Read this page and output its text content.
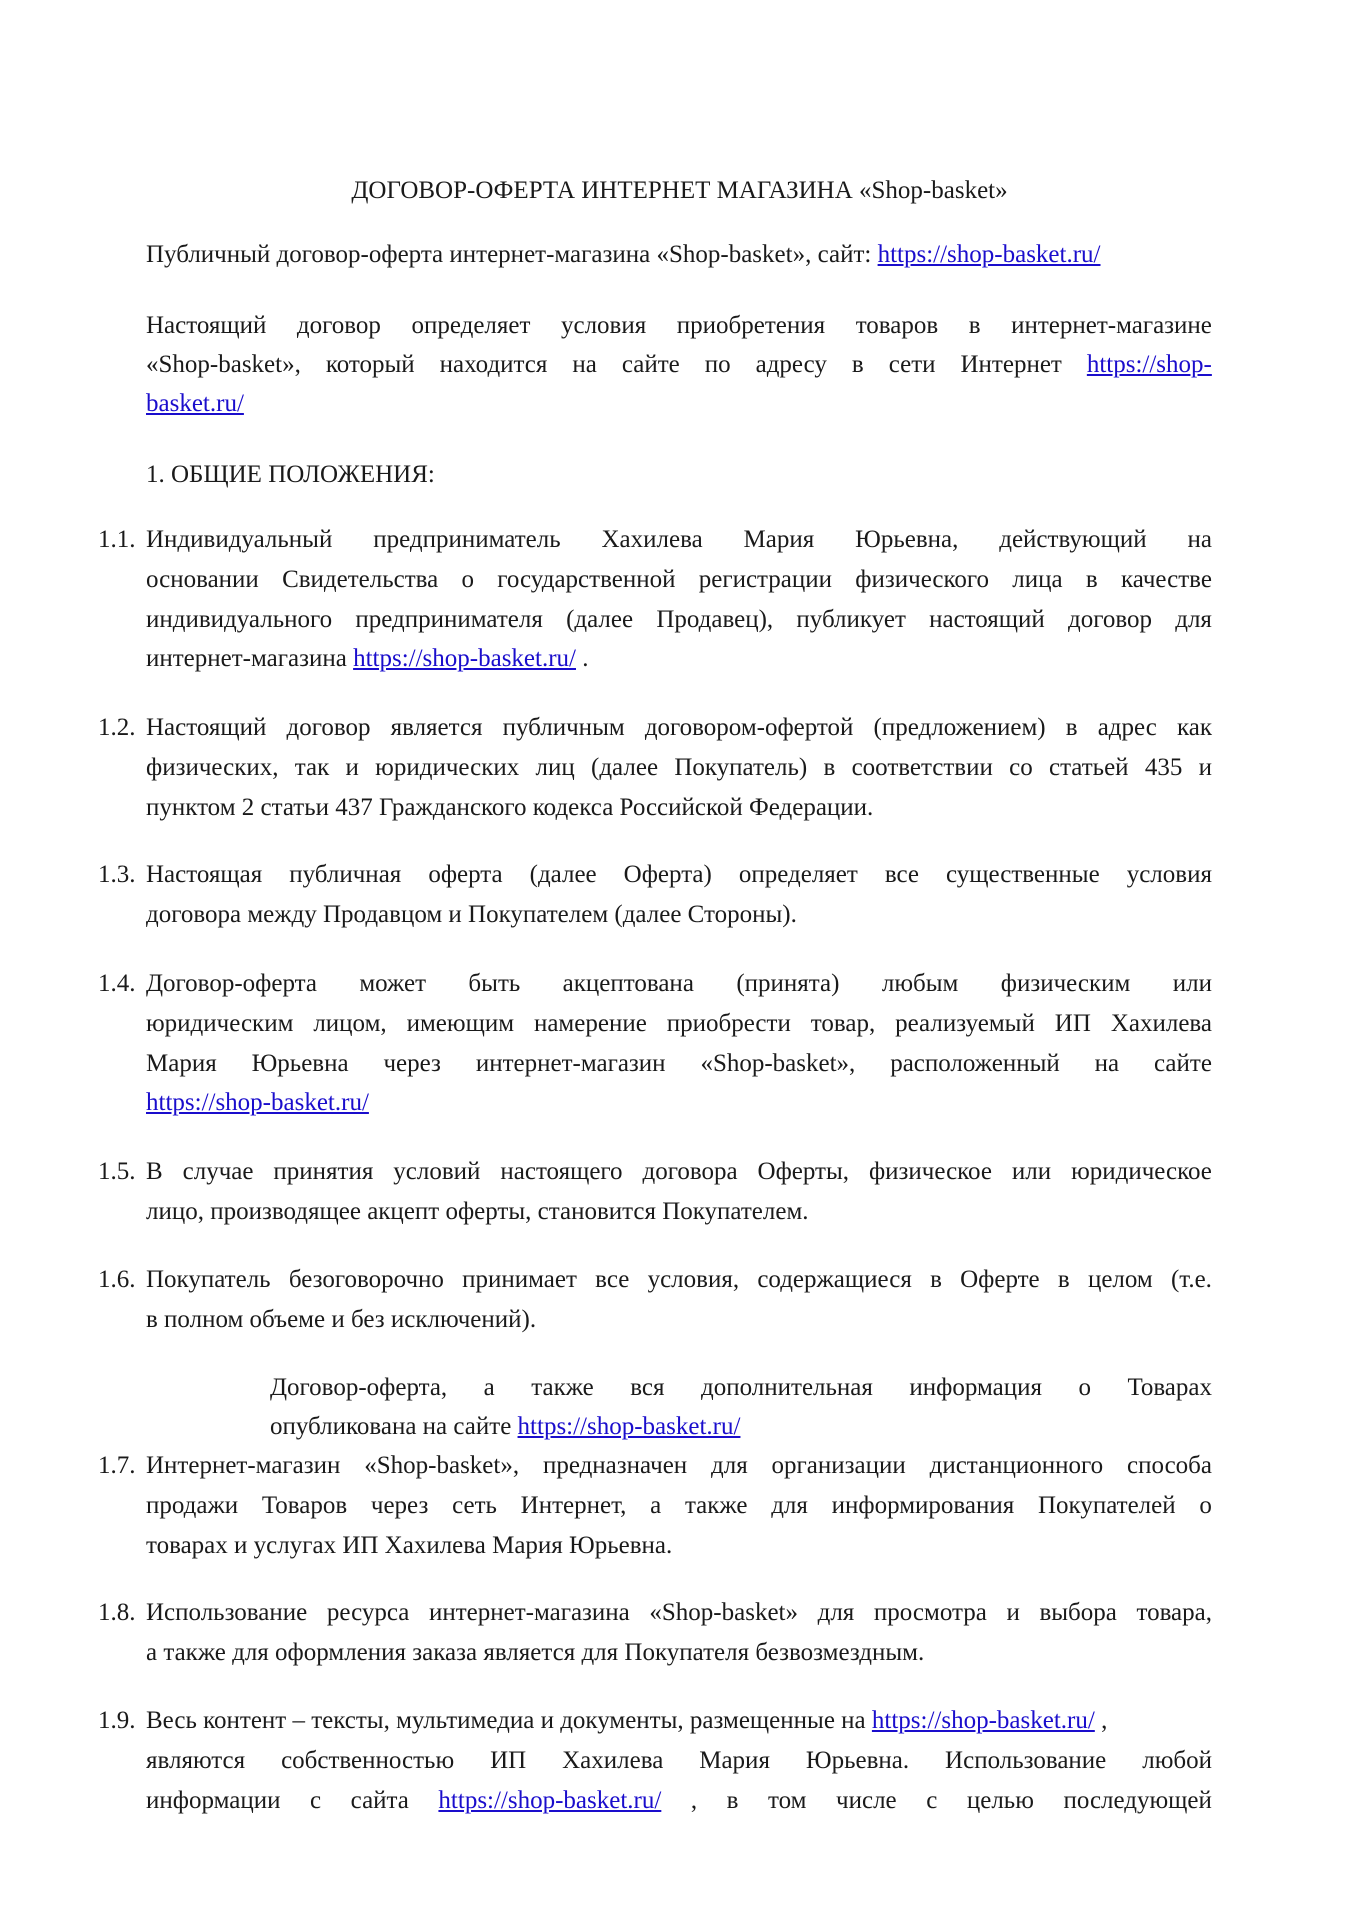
ДОГОВОР-ОФЕРТА ИНТЕРНЕТ МАГАЗИНА «Shop-basket»
Публичный договор-оферта интернет-магазина «Shop-basket», сайт: https://shop-basket.ru/
Настоящий договор определяет условия приобретения товаров в интернет-магазине
«Shop-basket», который находится на сайте по адресу в сети Интернет https://shop-
basket.ru/
1. ОБЩИЕ ПОЛОЖЕНИЯ:
1.1. Индивидуальный предприниматель Хахилева Мария Юрьевна, действующий на
основании Свидетельства о государственной регистрации физического лица в качестве
индивидуального предпринимателя (далее Продавец), публикует настоящий договор для
интернет-магазина https://shop-basket.ru/ .
1.2. Настоящий договор является публичным договором-офертой (предложением) в адрес как
физических, так и юридических лиц (далее Покупатель) в соответствии со статьей 435 и
пунктом 2 статьи 437 Гражданского кодекса Российской Федерации.
1.3. Настоящая публичная оферта (далее Оферта) определяет все существенные условия
договора между Продавцом и Покупателем (далее Стороны).
1.4. Договор-оферта может быть акцептована (принята) любым физическим или
юридическим лицом, имеющим намерение приобрести товар, реализуемый ИП Хахилева
Мария Юрьевна через интернет-магазин «Shop-basket», расположенный на сайте
https://shop-basket.ru/
1.5. В случае принятия условий настоящего договора Оферты, физическое или юридическое
лицо, производящее акцепт оферты, становится Покупателем.
1.6. Покупатель безоговорочно принимает все условия, содержащиеся в Оферте в целом (т.е.
в полном объеме и без исключений).
Договор-оферта, а также вся дополнительная информация о Товарах
опубликована на сайте https://shop-basket.ru/
1.7. Интернет-магазин «Shop-basket», предназначен для организации дистанционного способа
продажи Товаров через сеть Интернет, а также для информирования Покупателей о
товарах и услугах ИП Хахилева Мария Юрьевна.
1.8. Использование ресурса интернет-магазина «Shop-basket» для просмотра и выбора товара,
а также для оформления заказа является для Покупателя безвозмездным.
1.9. Весь контент – тексты, мультимедиа и документы, размещенные на https://shop-basket.ru/ ,
являются собственностью ИП Хахилева Мария Юрьевна. Использование любой
информации с сайта https://shop-basket.ru/ , в том числе с целью последующей
